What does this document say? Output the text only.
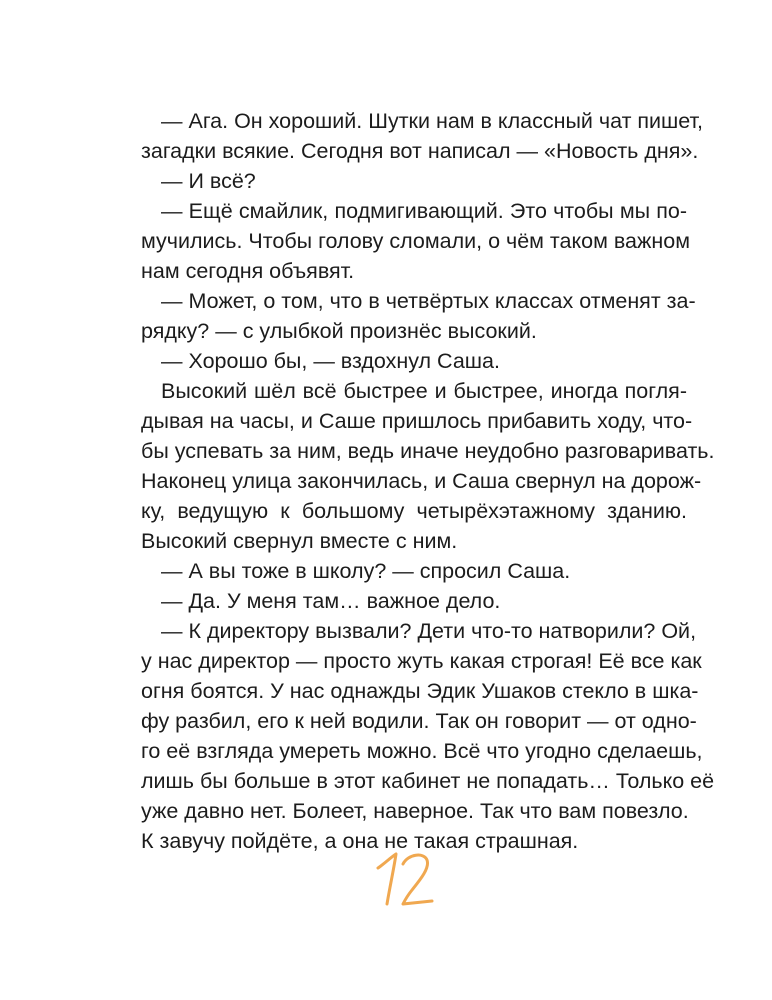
— Ага. Он хороший. Шутки нам в классный чат пишет,
загадки всякие. Сегодня вот написал — «Новость дня».
— И всё?
— Ещё смайлик, подмигивающий. Это чтобы мы по-
мучились. Чтобы голову сломали, о чём таком важном
нам сегодня объявят.
— Может, о том, что в четвёртых классах отменят за-
рядку? — с улыбкой произнёс высокий.
— Хорошо бы, — вздохнул Саша.
Высокий шёл всё быстрее и быстрее, иногда погля-
дывая на часы, и Саше пришлось прибавить ходу, что-
бы успевать за ним, ведь иначе неудобно разговаривать.
Наконец улица закончилась, и Саша свернул на дорож-
ку, ведущую к большому четырёхэтажному зданию.
Высокий свернул вместе с ним.
— А вы тоже в школу? — спросил Саша.
— Да. У меня там… важное дело.
— К директору вызвали? Дети что-то натворили? Ой,
у нас директор — просто жуть какая строгая! Её все как
огня боятся. У нас однажды Эдик Ушаков стекло в шка-
фу разбил, его к ней водили. Так он говорит — от одно-
го её взгляда умереть можно. Всё что угодно сделаешь,
лишь бы больше в этот кабинет не попадать… Только её
уже давно нет. Болеет, наверное. Так что вам повезло.
К завучу пойдёте, а она не такая страшная.
